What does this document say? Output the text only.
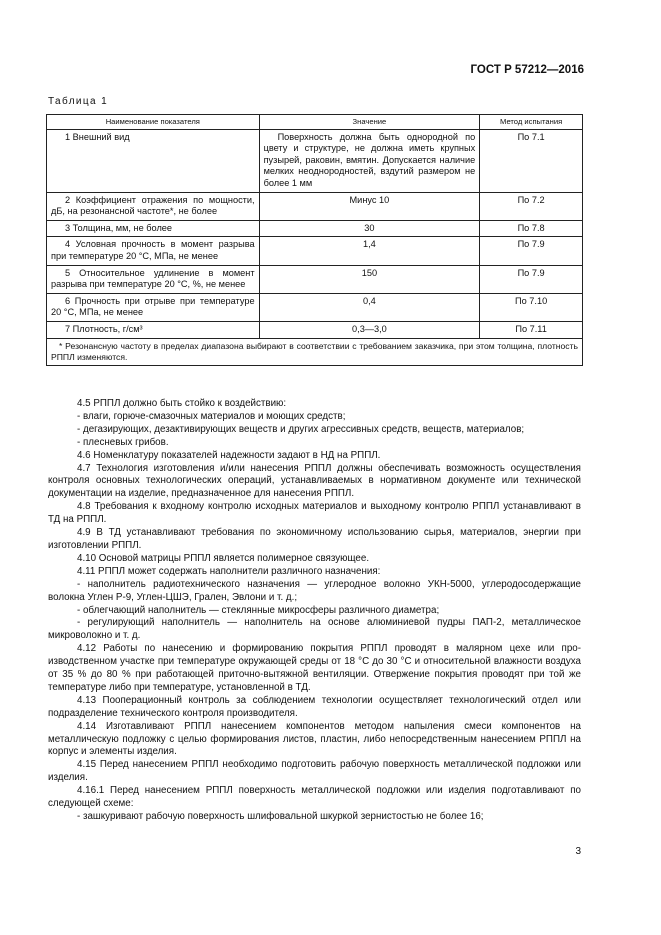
ГОСТ Р 57212—2016
Таблица 1
Наименование показателя	Значение	Метод испытания
1 Внешний вид	Поверхность должна быть однородной по цвету и структуре, не должна иметь крупных пузырей, раковин, вмятин. Допускается наличие мелких неоднородностей, вздутий размером не более 1 мм	По 7.1
2 Коэффициент отражения по мощности, дБ, на резонансной частоте*, не более	Минус 10	По 7.2
3 Толщина, мм, не более	30	По 7.8
4 Условная прочность в момент разрыва при температуре 20 °С, МПа, не менее	1,4	По 7.9
5 Относительное удлинение в момент разрыва при температуре 20 °С, %, не менее	150	По 7.9
6 Прочность при отрыве при температуре 20 °С, МПа, не менее	0,4	По 7.10
7 Плотность, г/см³	0,3—3,0	По 7.11
* Резонансную частоту в пределах диапазона выбирают в соответствии с требованием заказчика, при этом толщина, плотность РППЛ изменяются.		

4.5 РППЛ должно быть стойко к воздействию:

- влаги, горюче-смазочных материалов и моющих средств;

- дегазирующих, дезактивирующих веществ и других агрессивных средств, веществ, материалов;

- плесневых грибов.

4.6 Номенклатуру показателей надежности задают в НД на РППЛ.

4.7 Технология изготовления и/или нанесения РППЛ должны обеспечивать возможность осуществления контроля основных технологических операций, устанавливаемых в нормативном документе или технической документации на изделие, предназначенное для нанесения РППЛ.

4.8 Требования к входному контролю исходных материалов и выходному контролю РППЛ устанавливают в ТД на РППЛ.

4.9 В ТД устанавливают требования по экономичному использованию сырья, материалов, энергии при изготовлении РППЛ.

4.10 Основой матрицы РППЛ является полимерное связующее.

4.11 РППЛ может содержать наполнители различного назначения:

- наполнитель радиотехнического назначения — углеродное волокно УКН-5000, углеродосодержащие волокна Углен Р-9, Углен-ЦШЭ, Грален, Эвлони и т. д.;

- облегчающий наполнитель — стеклянные микросферы различного диаметра;

- регулирующий наполнитель — наполнитель на основе алюминиевой пудры ПАП-2, металлическое микроволокно и т. д.

4.12 Работы по нанесению и формированию покрытия РППЛ проводят в малярном цехе или производственном участке при температуре окружающей среды от 18 °С до 30 °С и относительной влажности воздуха от 35 % до 80 % при работающей приточно-вытяжной вентиляции. Отвержение покрытия проводят при той же температуре либо при температуре, установленной в ТД.

4.13 Пооперационный контроль за соблюдением технологии осуществляет технологический отдел или подразделение технического контроля производителя.

4.14 Изготавливают РППЛ нанесением компонентов методом напыления смеси компонентов на металлическую подложку с целью формирования листов, пластин, либо непосредственным нанесением РППЛ на корпус и элементы изделия.

4.15 Перед нанесением РППЛ необходимо подготовить рабочую поверхность металлической подложки или изделия.

4.16.1 Перед нанесением РППЛ поверхность металлической подложки или изделия подготавливают по следующей схеме:

- зашкуривают рабочую поверхность шлифовальной шкуркой зернистостью не более 16;

3
